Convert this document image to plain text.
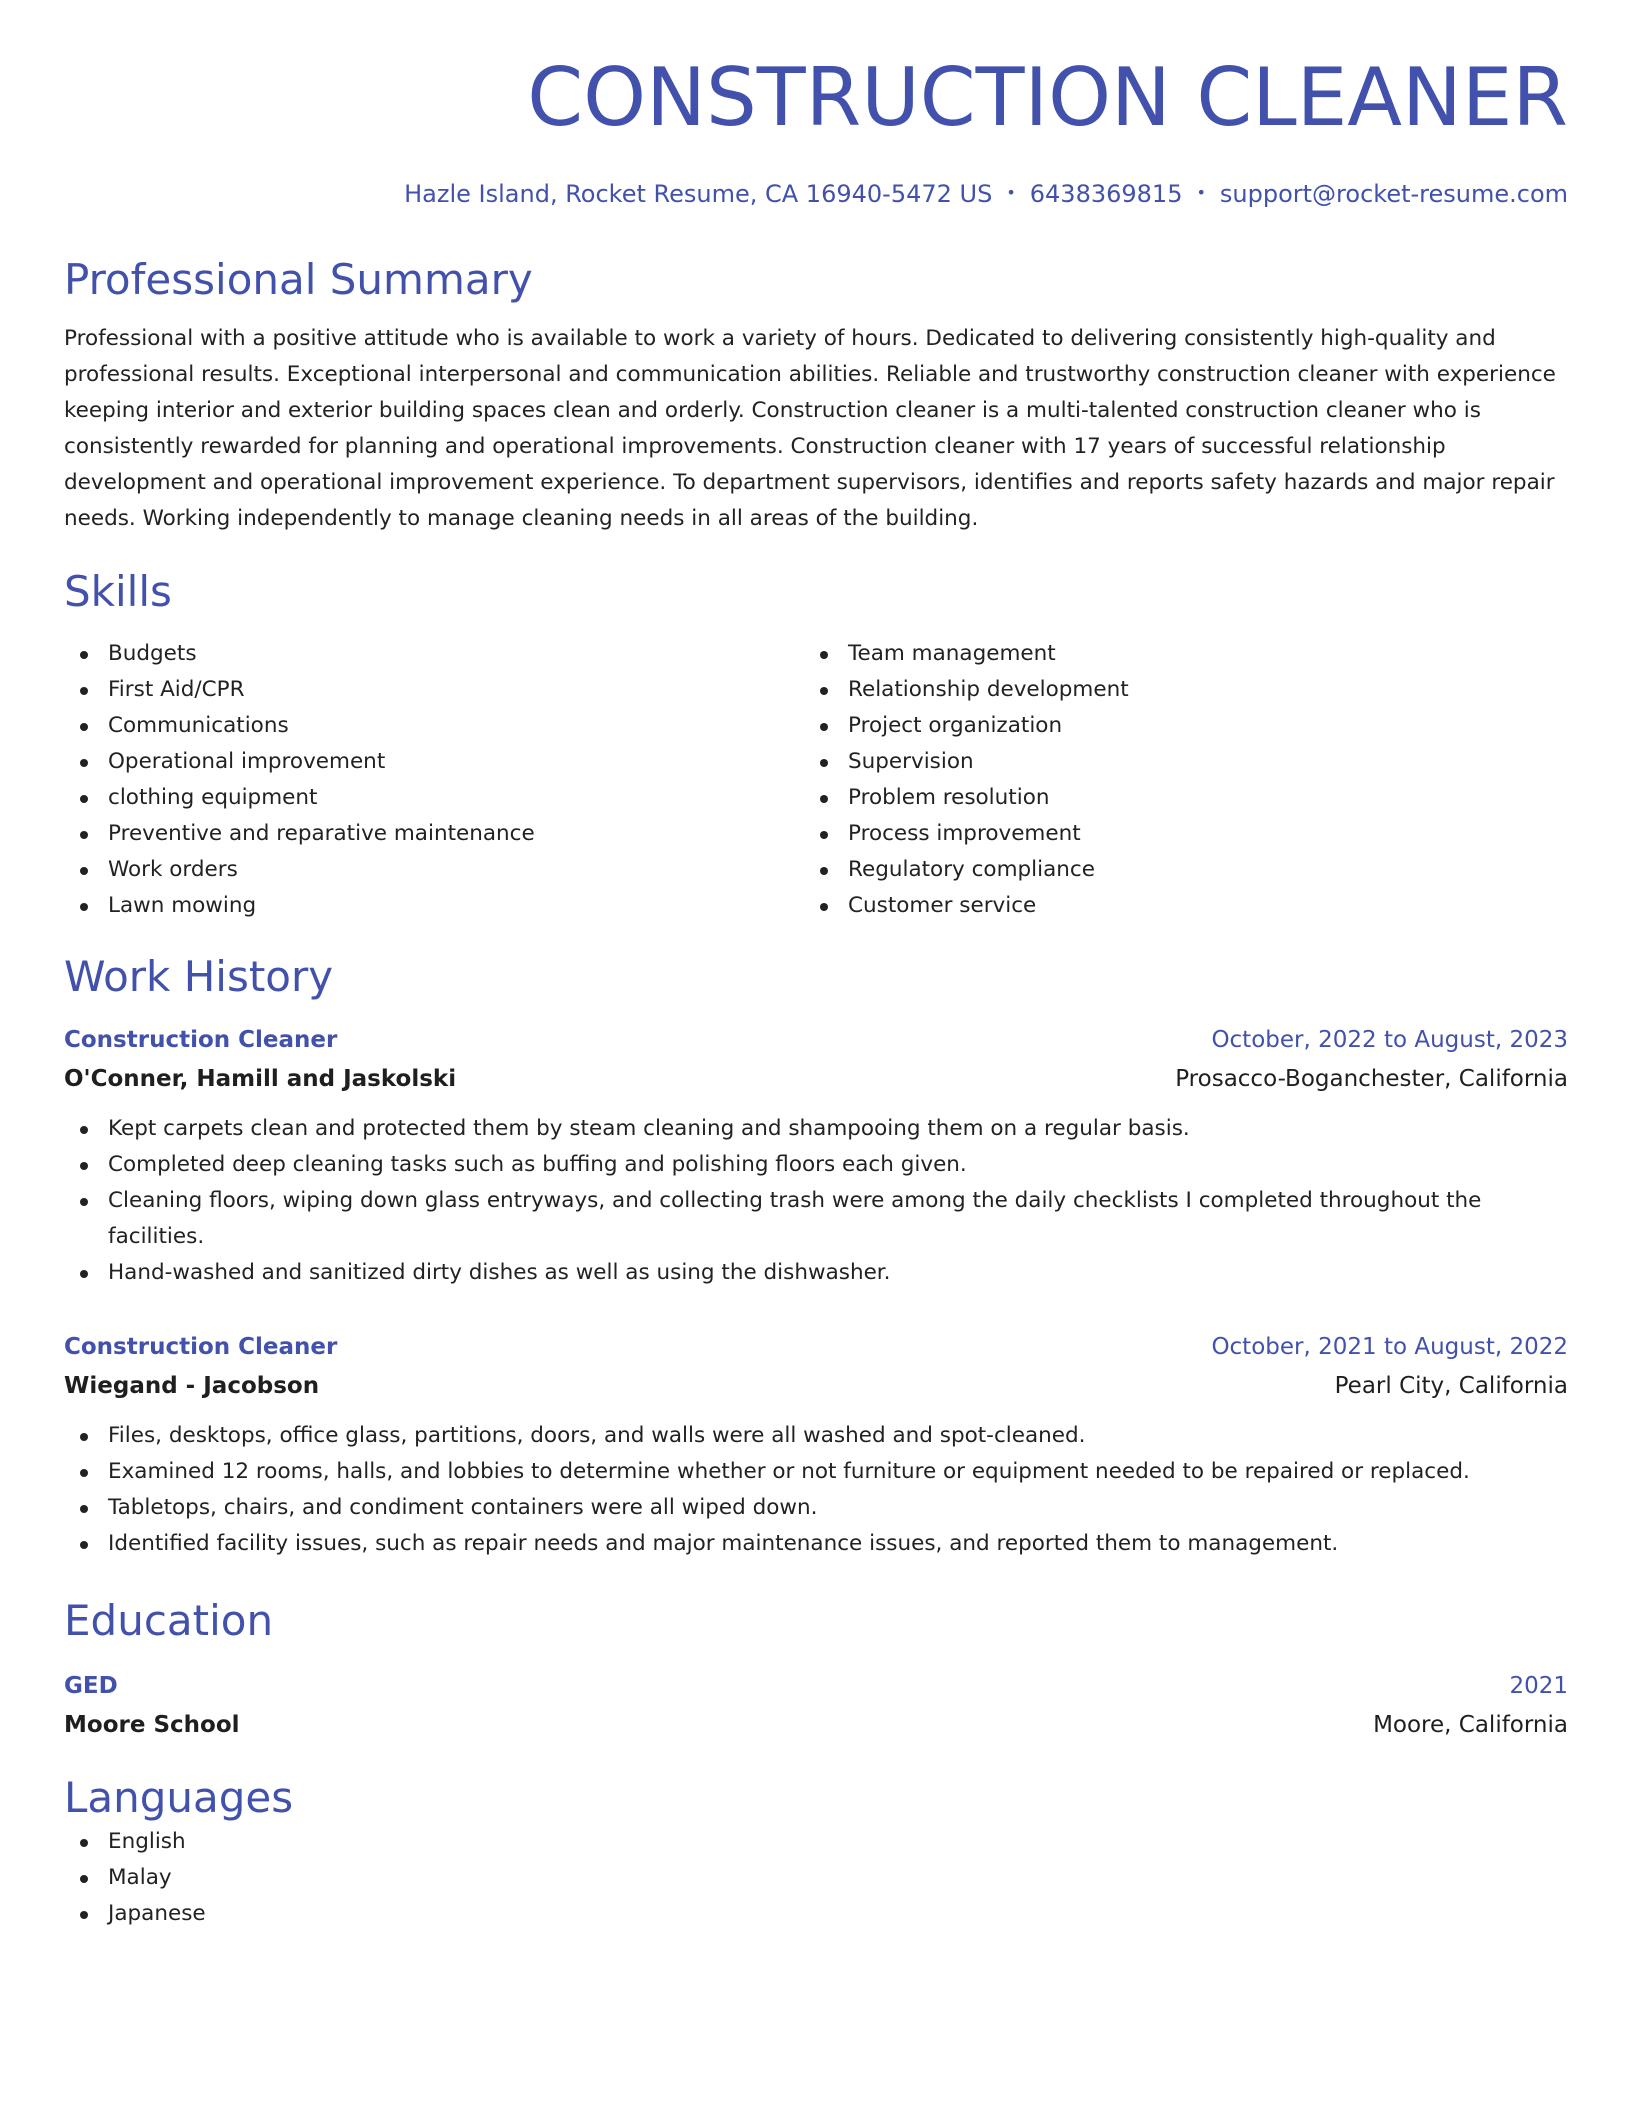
CONSTRUCTION CLEANER
Hazle Island, Rocket Resume, CA 16940-5472 US • 6438369815 • support@rocket-resume.com
Professional Summary

Professional with a positive attitude who is available to work a variety of hours. Dedicated to delivering consistently high-quality and professional results. Exceptional interpersonal and communication abilities. Reliable and trustworthy construction cleaner with experience keeping interior and exterior building spaces clean and orderly. Construction cleaner is a multi-talented construction cleaner who is consistently rewarded for planning and operational improvements. Construction cleaner with 17 years of successful relationship development and operational improvement experience. To department supervisors, identifies and reports safety hazards and major repair needs. Working independently to manage cleaning needs in all areas of the building.

Skills
Budgets
First Aid/CPR
Communications
Operational improvement
clothing equipment
Preventive and reparative maintenance
Work orders
Lawn mowing
Team management
Relationship development
Project organization
Supervision
Problem resolution
Process improvement
Regulatory compliance
Customer service
Work History
Construction Cleaner	October, 2022 to August, 2023
O'Conner, Hamill and Jaskolski	Prosacco-Boganchester, California
Kept carpets clean and protected them by steam cleaning and shampooing them on a regular basis.
Completed deep cleaning tasks such as buffing and polishing floors each given.
Cleaning floors, wiping down glass entryways, and collecting trash were among the daily checklists I completed throughout the facilities.
Hand-washed and sanitized dirty dishes as well as using the dishwasher.
Construction Cleaner	October, 2021 to August, 2022
Wiegand - Jacobson	Pearl City, California
Files, desktops, office glass, partitions, doors, and walls were all washed and spot-cleaned.
Examined 12 rooms, halls, and lobbies to determine whether or not furniture or equipment needed to be repaired or replaced.
Tabletops, chairs, and condiment containers were all wiped down.
Identified facility issues, such as repair needs and major maintenance issues, and reported them to management.
Education
GED	2021
Moore School	Moore, California
Languages
English
Malay
Japanese
